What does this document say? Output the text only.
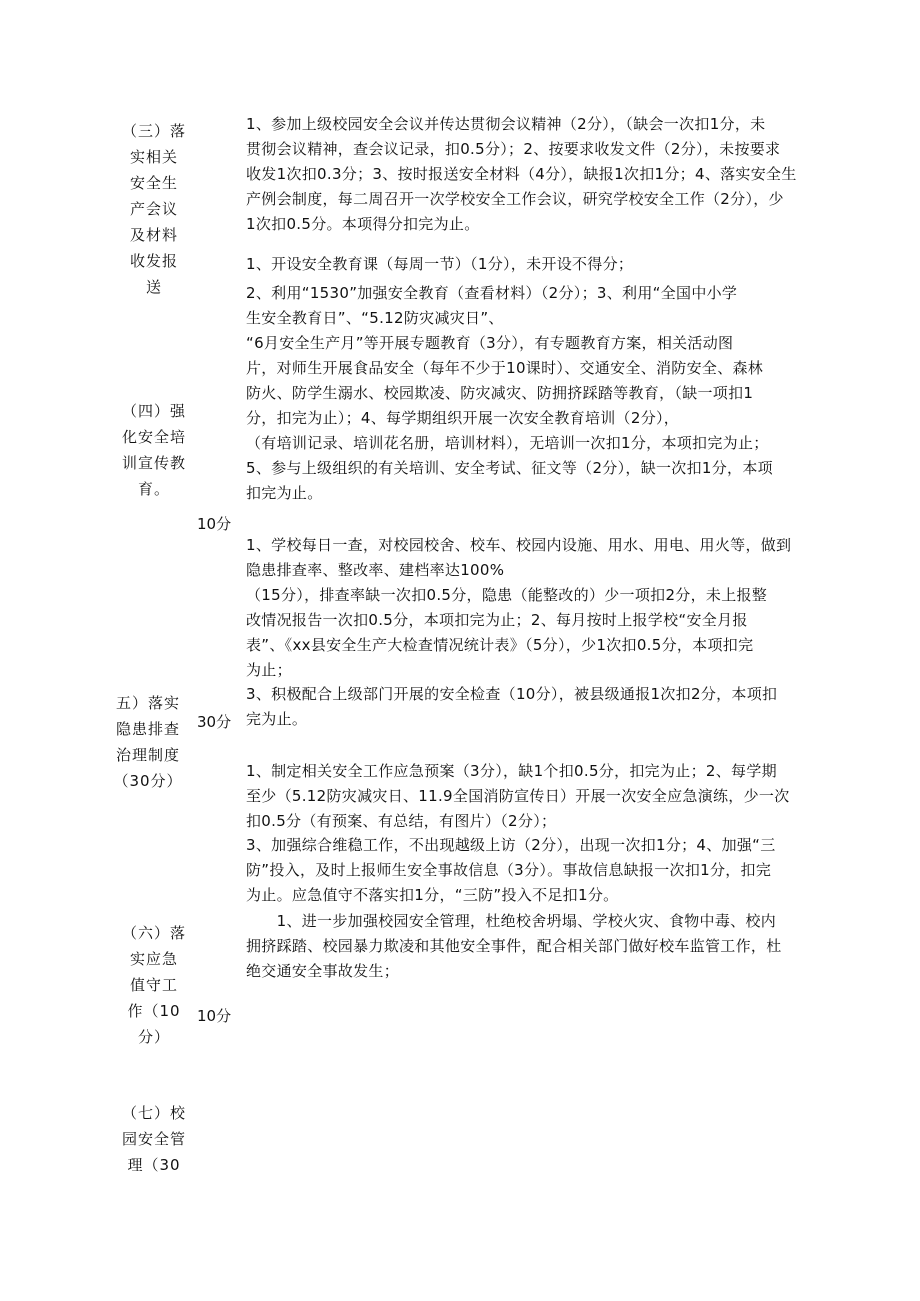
（三）落
实相关
安全生
产会议
及材料
收发报
送
（四）强
化安全培
训宣传教
育。
五）落实
隐患排查
治理制度
（30分）
（六）落
实应急
值守工
作（10
分）
（七）校
园安全管
理（30
10分
30分
10分
1、参加上级校园安全会议并传达贯彻会议精神（2分），（缺会一次扣1分，未
贯彻会议精神，查会议记录，扣0.5分）；2、按要求收发文件（2分），未按要求
收发1次扣0.3分；3、按时报送安全材料（4分），缺报1次扣1分；4、落实安全生
产例会制度，每二周召开一次学校安全工作会议，研究学校安全工作（2分），少
1次扣0.5分。本项得分扣完为止。
1、开设安全教育课（每周一节）（1分），未开设不得分；
2、利用“1530”加强安全教育（查看材料）（2分）；3、利用“全国中小学
生安全教育日”、“5.12防灾减灾日”、
“6月安全生产月”等开展专题教育（3分），有专题教育方案，相关活动图
片，对师生开展食品安全（每年不少于10课时）、交通安全、消防安全、森林
防火、防学生溺水、校园欺凌、防灾减灾、防拥挤踩踏等教育，（缺一项扣1
分，扣完为止）；4、每学期组织开展一次安全教育培训（2分），
（有培训记录、培训花名册，培训材料），无培训一次扣1分，本项扣完为止；
5、参与上级组织的有关培训、安全考试、征文等（2分），缺一次扣1分，本项
扣完为止。
1、学校每日一查，对校园校舍、校车、校园内设施、用水、用电、用火等，做到
隐患排查率、整改率、建档率达100%
（15分），排查率缺一次扣0.5分，隐患（能整改的）少一项扣2分，未上报整
改情况报告一次扣0.5分，本项扣完为止；2、每月按时上报学校“安全月报
表”、《xx县安全生产大检查情况统计表》（5分），少1次扣0.5分，本项扣完
为止；
3、积极配合上级部门开展的安全检查（10分），被县级通报1次扣2分，本项扣
完为止。
1、制定相关安全工作应急预案（3分），缺1个扣0.5分，扣完为止；2、每学期
至少（5.12防灾减灾日、11.9全国消防宣传日）开展一次安全应急演练，少一次
扣0.5分（有预案、有总结，有图片）（2分）；
3、加强综合维稳工作，不出现越级上访（2分），出现一次扣1分；4、加强“三
防”投入，及时上报师生安全事故信息（3分）。事故信息缺报一次扣1分，扣完
为止。应急值守不落实扣1分，“三防”投入不足扣1分。
　　1、进一步加强校园安全管理，杜绝校舍坍塌、学校火灾、食物中毒、校内
拥挤踩踏、校园暴力欺凌和其他安全事件，配合相关部门做好校车监管工作，杜
绝交通安全事故发生；
